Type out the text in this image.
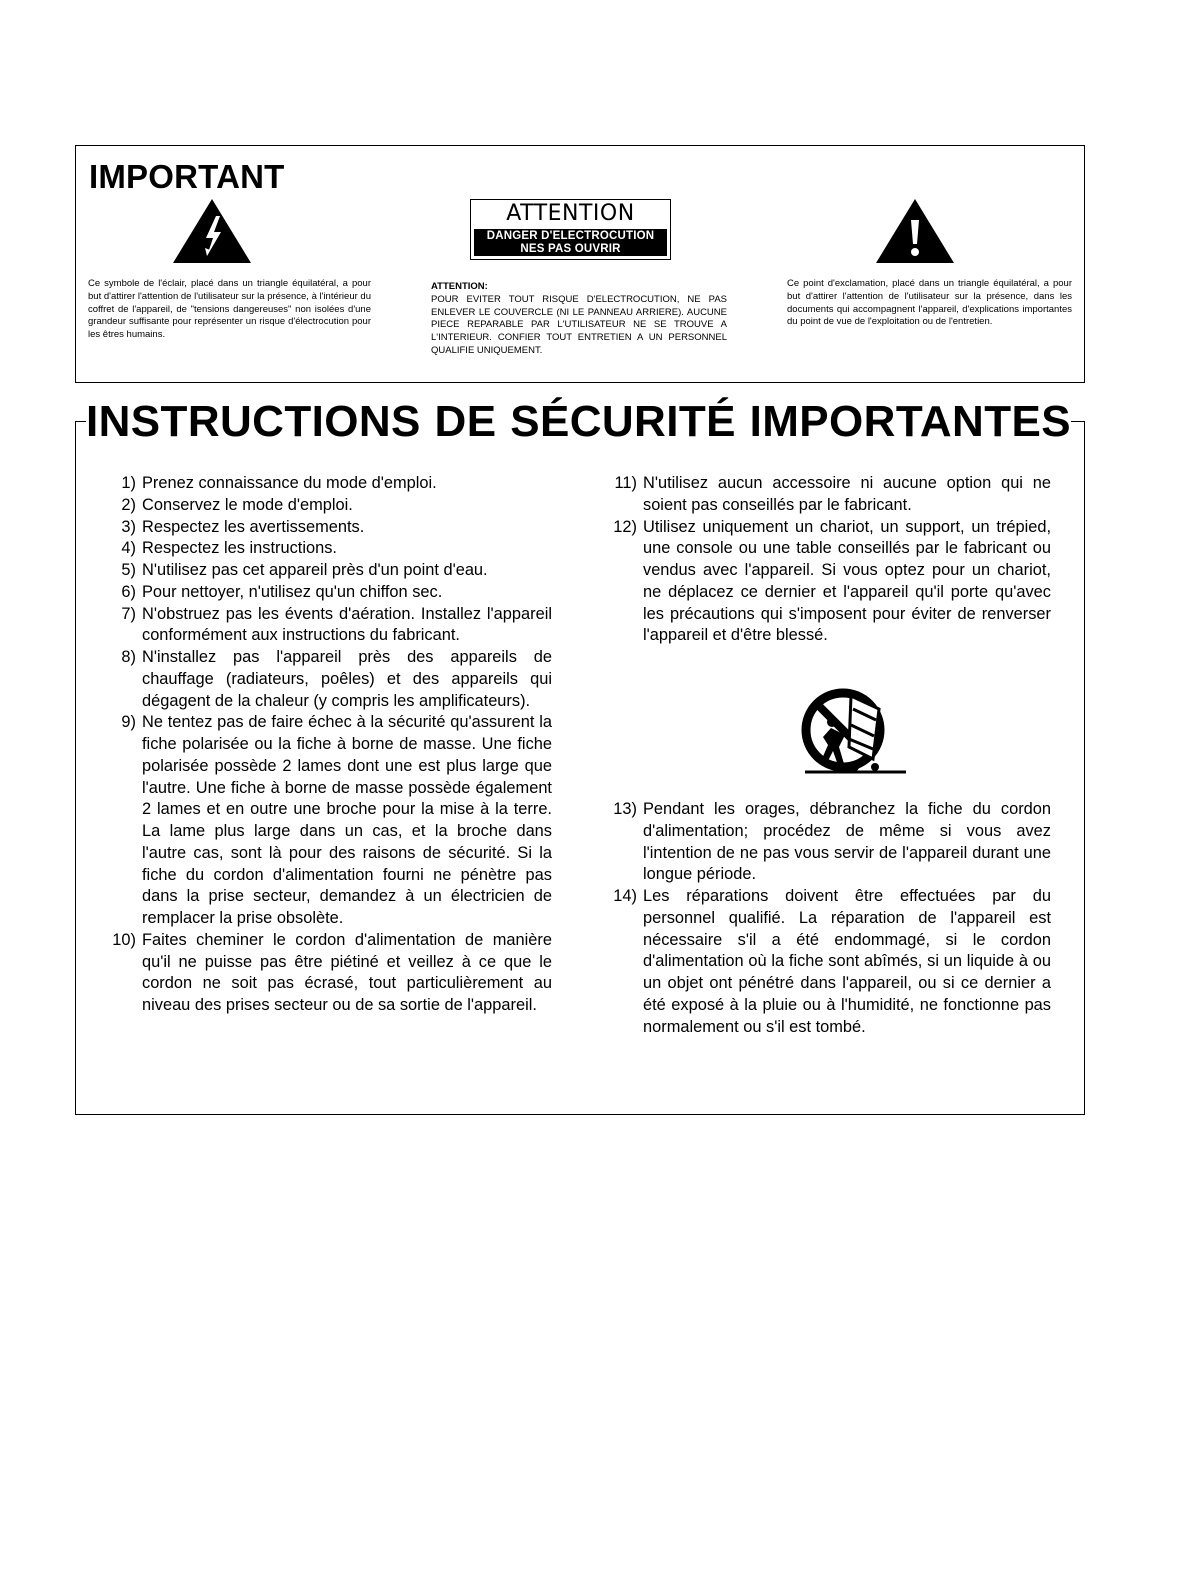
IMPORTANT

Ce symbole de l'éclair, placé dans un triangle équilatéral, a pour but d'attirer l'attention de l'utilisateur sur la présence, à l'intérieur du coffret de l'appareil, de "tensions dangereuses" non isolées d'une grandeur suffisante pour représenter un risque d'électrocution pour les êtres humains.

ATTENTION
DANGER D'ELECTROCUTION
NES PAS OUVRIR

ATTENTION:
POUR EVITER TOUT RISQUE D'ELECTROCUTION, NE PAS ENLEVER LE COUVERCLE (NI LE PANNEAU ARRIERE). AUCUNE PIECE REPARABLE PAR L'UTILISATEUR NE SE TROUVE A L'INTERIEUR. CONFIER TOUT ENTRETIEN A UN PERSONNEL QUALIFIE UNIQUEMENT.

Ce point d'exclamation, placé dans un triangle équilatéral, a pour but d'attirer l'attention de l'utilisateur sur la présence, dans les documents qui accompagnent l'appareil, d'explications importantes du point de vue de l'exploitation ou de l'entretien.

INSTRUCTIONS DE SÉCURITÉ IMPORTANTES
1) Prenez connaissance du mode d'emploi.
2) Conservez le mode d'emploi.
3) Respectez les avertissements.
4) Respectez les instructions.
5) N'utilisez pas cet appareil près d'un point d'eau.
6) Pour nettoyer, n'utilisez qu'un chiffon sec.
7) N'obstruez pas les évents d'aération. Installez l'appareil conformément aux instructions du fabricant.
8) N'installez pas l'appareil près des appareils de chauffage (radiateurs, poêles) et des appareils qui dégagent de la chaleur (y compris les amplificateurs).
9) Ne tentez pas de faire échec à la sécurité qu'assurent la fiche polarisée ou la fiche à borne de masse. Une fiche polarisée possède 2 lames dont une est plus large que l'autre. Une fiche à borne de masse possède également 2 lames et en outre une broche pour la mise à la terre. La lame plus large dans un cas, et la broche dans l'autre cas, sont là pour des raisons de sécurité. Si la fiche du cordon d'alimentation fourni ne pénètre pas dans la prise secteur, demandez à un électricien de remplacer la prise obsolète.
10) Faites cheminer le cordon d'alimentation de manière qu'il ne puisse pas être piétiné et veillez à ce que le cordon ne soit pas écrasé, tout particulièrement au niveau des prises secteur ou de sa sortie de l'appareil.
11) N'utilisez aucun accessoire ni aucune option qui ne soient pas conseillés par le fabricant.
12) Utilisez uniquement un chariot, un support, un trépied, une console ou une table conseillés par le fabricant ou vendus avec l'appareil. Si vous optez pour un chariot, ne déplacez ce dernier et l'appareil qu'il porte qu'avec les précautions qui s'imposent pour éviter de renverser l'appareil et d'être blessé.
13) Pendant les orages, débranchez la fiche du cordon d'alimentation; procédez de même si vous avez l'intention de ne pas vous servir de l'appareil durant une longue période.
14) Les réparations doivent être effectuées par du personnel qualifié. La réparation de l'appareil est nécessaire s'il a été endommagé, si le cordon d'alimentation où la fiche sont abîmés, si un liquide à ou un objet ont pénétré dans l'appareil, ou si ce dernier a été exposé à la pluie ou à l'humidité, ne fonctionne pas normalement ou s'il est tombé.
